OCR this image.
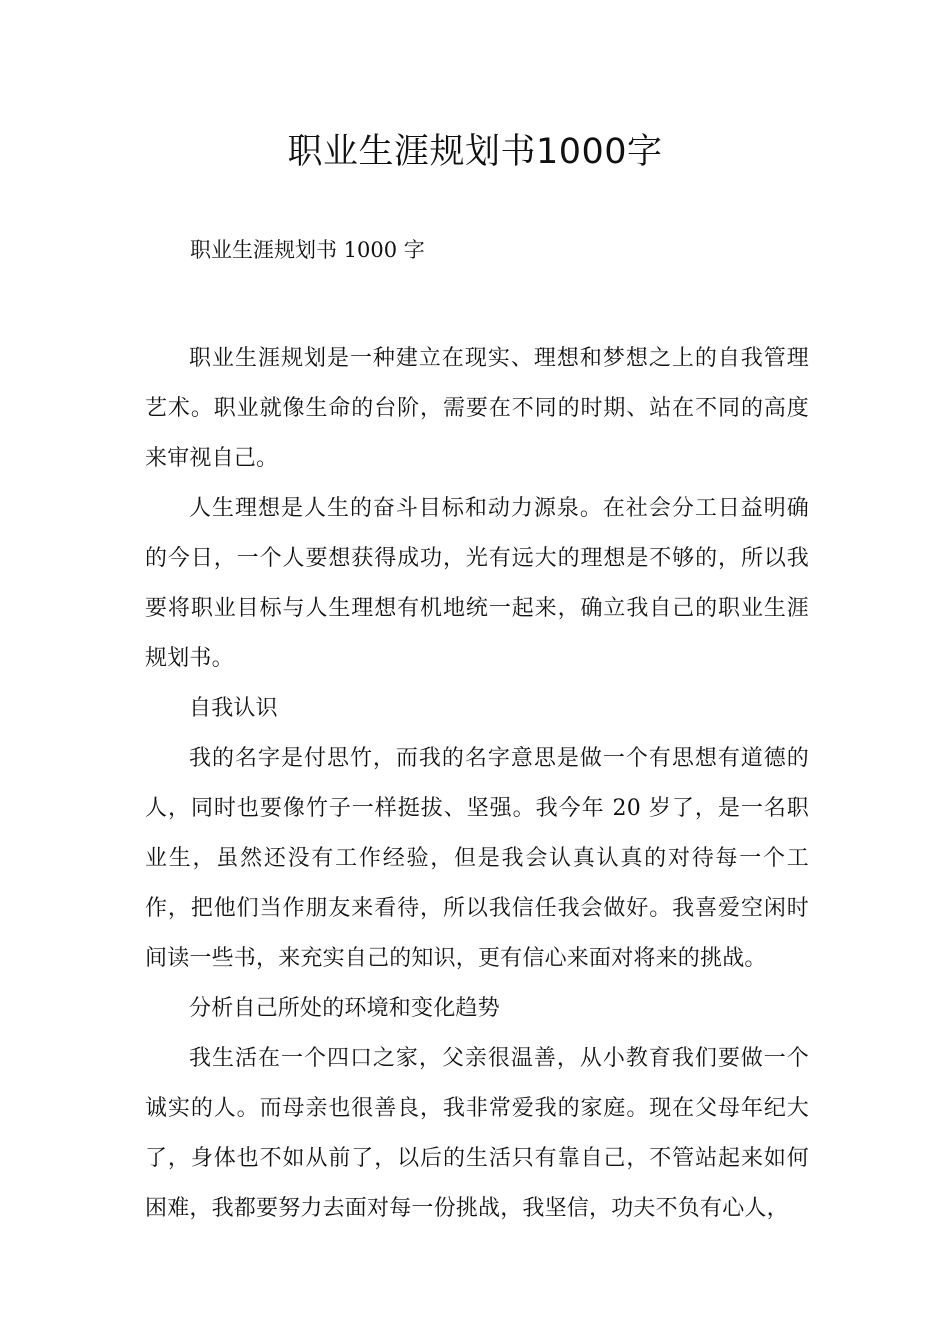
职业生涯规划书1000字

职业生涯规划书 1000 字

职业生涯规划是一种建立在现实、理想和梦想之上的自我管理艺术。职业就像生命的台阶，需要在不同的时期、站在不同的高度来审视自己。

人生理想是人生的奋斗目标和动力源泉。在社会分工日益明确的今日，一个人要想获得成功，光有远大的理想是不够的，所以我要将职业目标与人生理想有机地统一起来，确立我自己的职业生涯规划书。

自我认识

我的名字是付思竹，而我的名字意思是做一个有思想有道德的人，同时也要像竹子一样挺拔、坚强。我今年 20 岁了，是一名职业生，虽然还没有工作经验，但是我会认真认真的对待每一个工作，把他们当作朋友来看待，所以我信任我会做好。我喜爱空闲时间读一些书，来充实自己的知识，更有信心来面对将来的挑战。

分析自己所处的环境和变化趋势

我生活在一个四口之家，父亲很温善，从小教育我们要做一个诚实的人。而母亲也很善良，我非常爱我的家庭。现在父母年纪大了，身体也不如从前了，以后的生活只有靠自己，不管站起来如何困难，我都要努力去面对每一份挑战，我坚信，功夫不负有心人，
